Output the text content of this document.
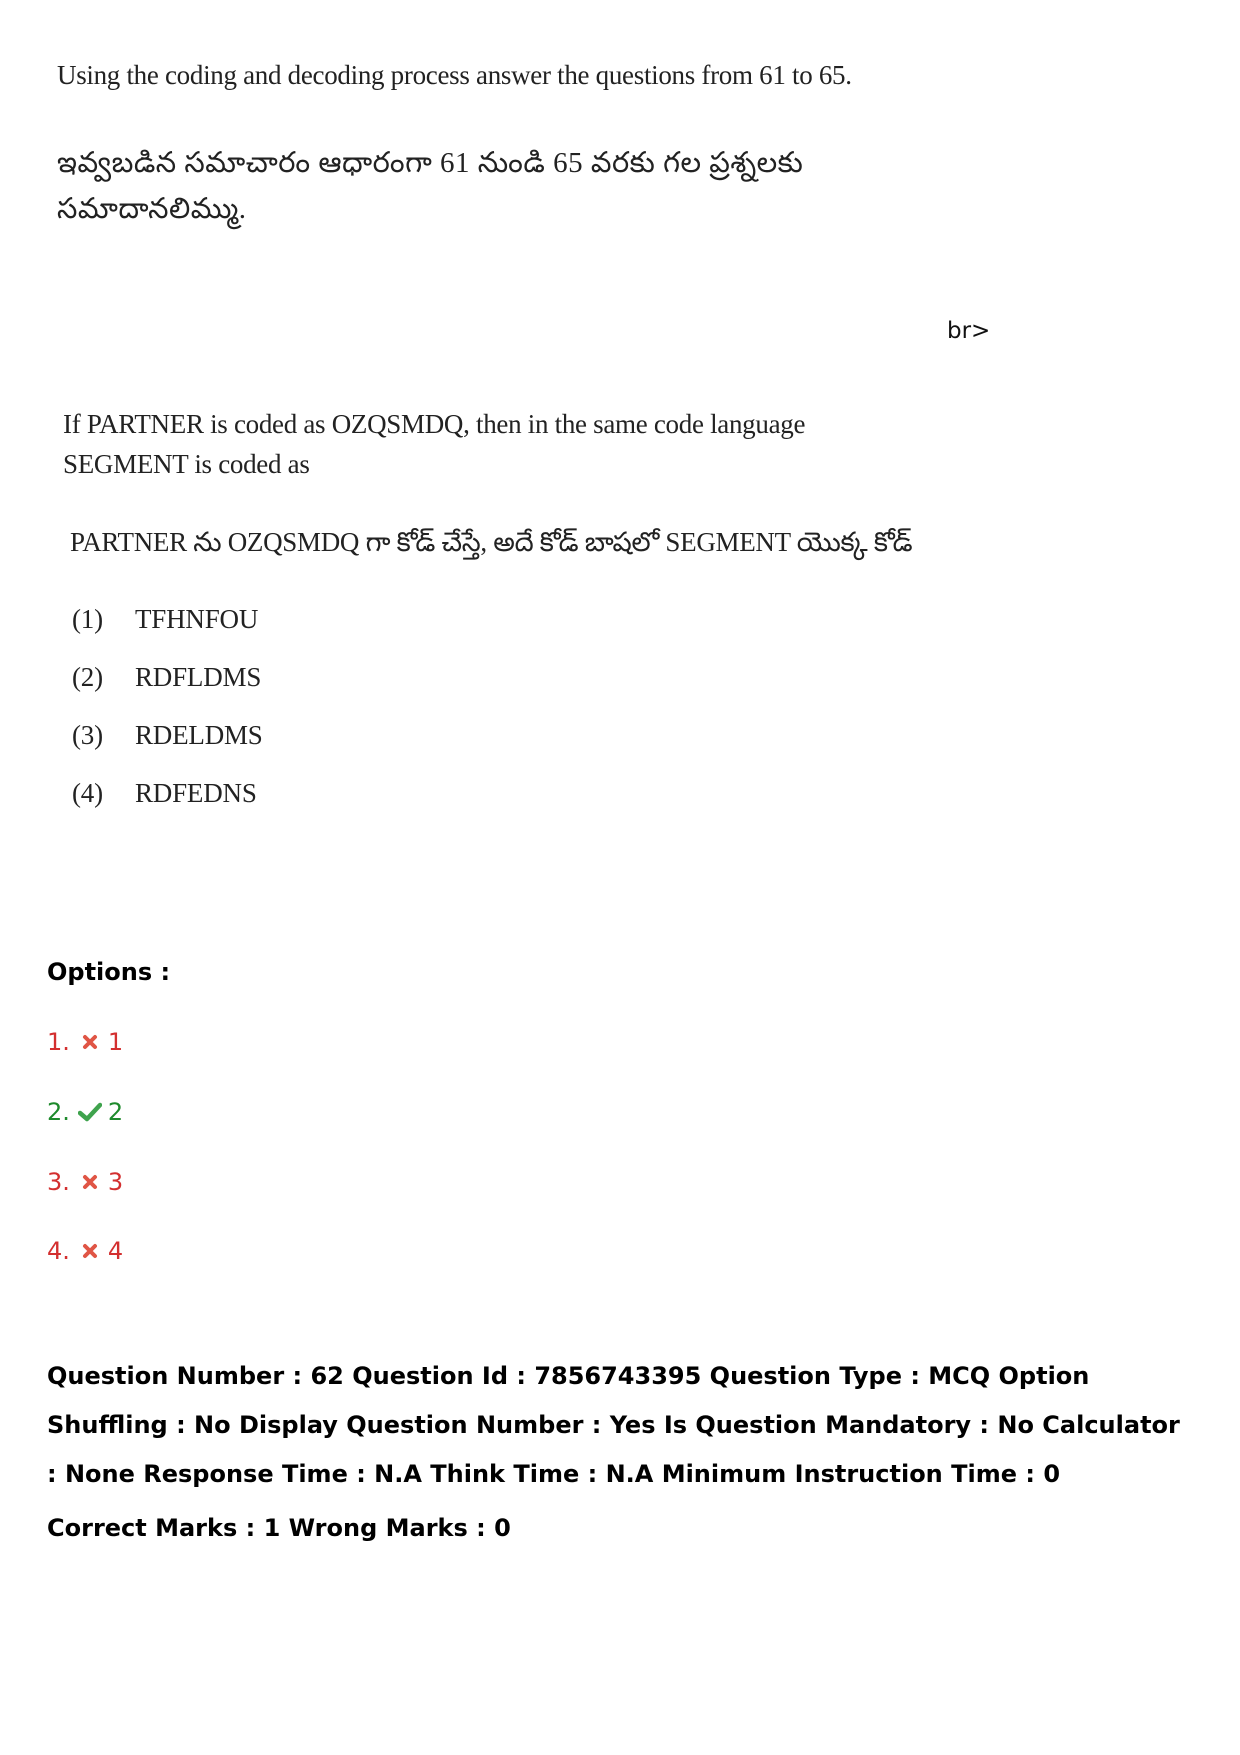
Using the coding and decoding process answer the questions from 61 to 65.
ఇవ్వబడిన సమాచారం ఆధారంగా 61 నుండి 65 వరకు గల ప్రశ్నలకు సమాదానలిమ్ము.
br>
If PARTNER is coded as OZQSMDQ, then in the same code language SEGMENT is coded as
PARTNER ను OZQSMDQ గా కోడ్ చేస్తే, అదే కోడ్ బాషలో SEGMENT యొక్క కోడ్
(1) TFHNFOU
(2) RDFLDMS
(3) RDELDMS
(4) RDFEDNS
Options :
1. 1
2. 2
3. 3
4. 4
Question Number : 62 Question Id : 7856743395 Question Type : MCQ Option Shuffling : No Display Question Number : Yes Is Question Mandatory : No Calculator : None Response Time : N.A Think Time : N.A Minimum Instruction Time : 0
Correct Marks : 1 Wrong Marks : 0
